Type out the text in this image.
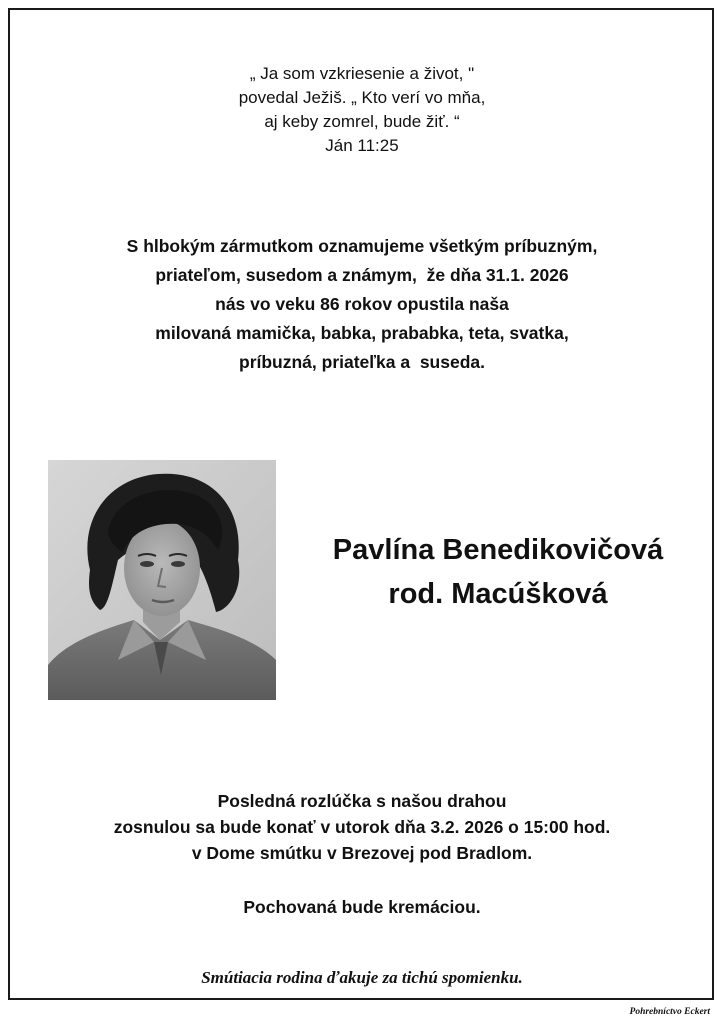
„ Ja som vzkriesenie a život, "
povedal Ježiš. „ Kto verí vo mňa,
aj keby zomrel, bude žiť. “
Ján 11:25
S hlbokým zármutkom oznamujeme všetkým príbuzným,
priateľom, susedom a známym,  že dňa 31.1. 2026
nás vo veku 86 rokov opustila naša
milovaná mamička, babka, prababka, teta, svatka,
príbuzná, priateľka a  suseda.
Pavlína Benedikovičová
rod. Macúšková
Posledná rozlúčka s našou drahou
zosnulou sa bude konať v utorok dňa 3.2. 2026 o 15:00 hod.
v Dome smútku v Brezovej pod Bradlom.
Pochovaná bude kremáciou.
Smútiacia rodina ďakuje za tichú spomienku.
Pohrebníctvo Eckert
